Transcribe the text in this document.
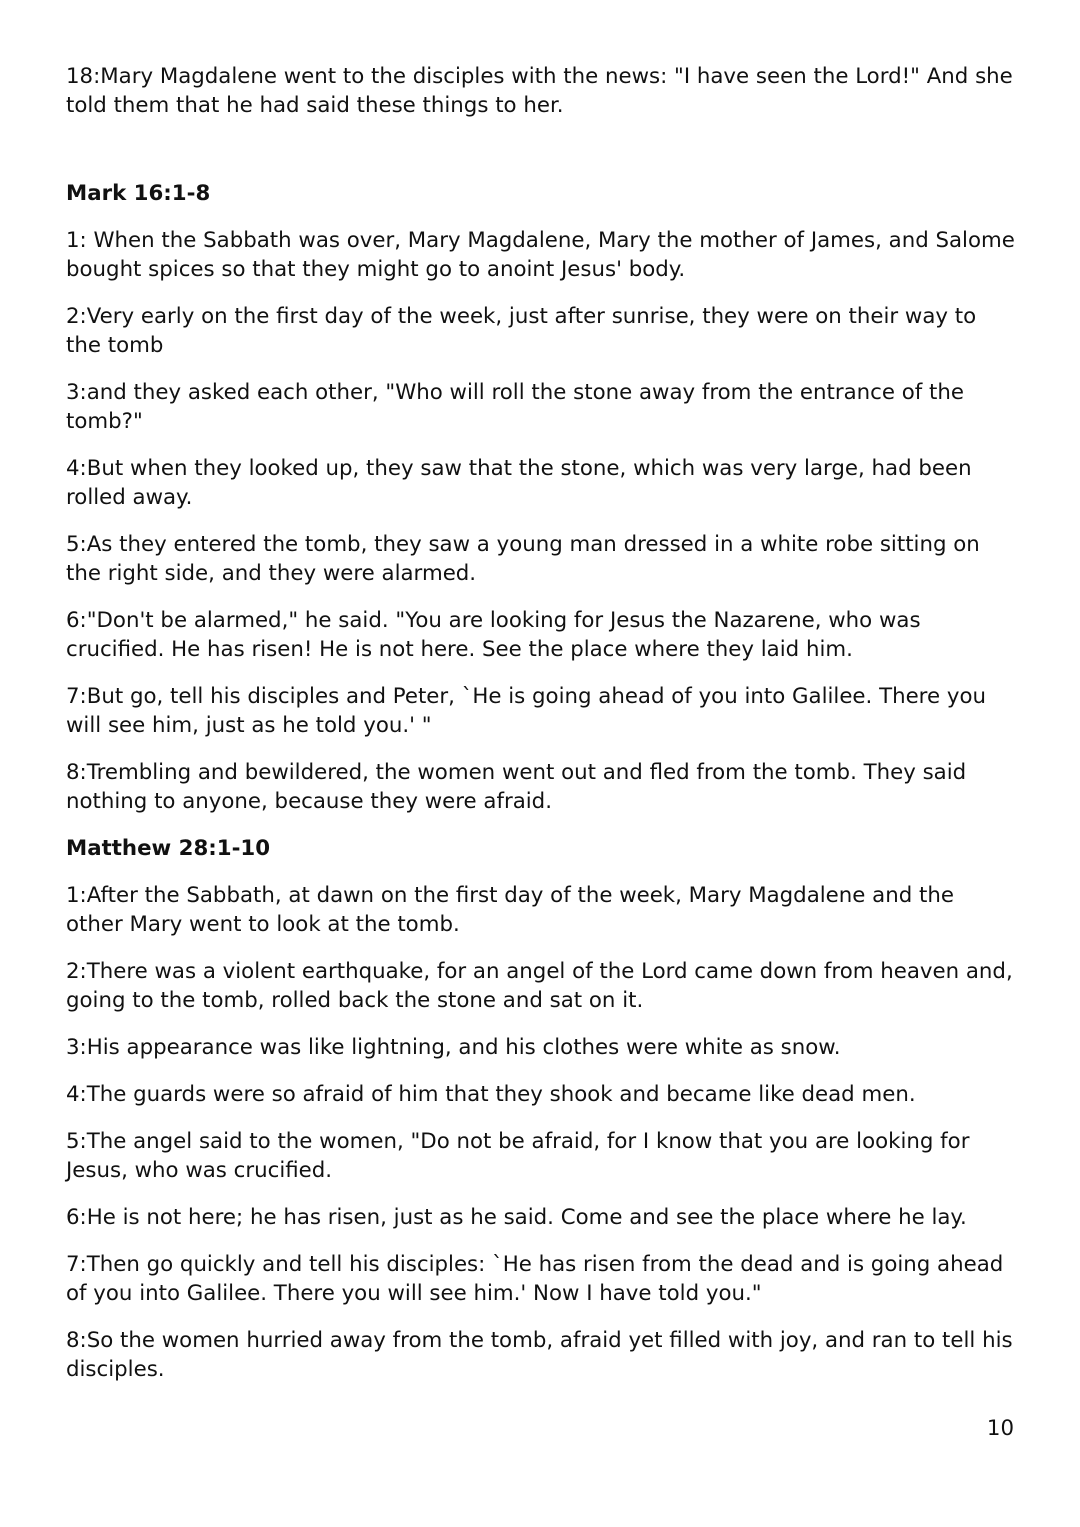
18:Mary Magdalene went to the disciples with the news: "I have seen the Lord!" And she told them that he had said these things to her.

Mark 16:1-8

1: When the Sabbath was over, Mary Magdalene, Mary the mother of James, and Salome bought spices so that they might go to anoint Jesus' body.

2:Very early on the first day of the week, just after sunrise, they were on their way to the tomb

3:and they asked each other, "Who will roll the stone away from the entrance of the tomb?"

4:But when they looked up, they saw that the stone, which was very large, had been rolled away.

5:As they entered the tomb, they saw a young man dressed in a white robe sitting on the right side, and they were alarmed.

6:"Don't be alarmed," he said. "You are looking for Jesus the Nazarene, who was crucified. He has risen! He is not here. See the place where they laid him.

7:But go, tell his disciples and Peter, `He is going ahead of you into Galilee. There you will see him, just as he told you.' "

8:Trembling and bewildered, the women went out and fled from the tomb. They said nothing to anyone, because they were afraid.

Matthew 28:1-10

1:After the Sabbath, at dawn on the first day of the week, Mary Magdalene and the other Mary went to look at the tomb.

2:There was a violent earthquake, for an angel of the Lord came down from heaven and, going to the tomb, rolled back the stone and sat on it.

3:His appearance was like lightning, and his clothes were white as snow.

4:The guards were so afraid of him that they shook and became like dead men.

5:The angel said to the women, "Do not be afraid, for I know that you are looking for Jesus, who was crucified.

6:He is not here; he has risen, just as he said. Come and see the place where he lay.

7:Then go quickly and tell his disciples: `He has risen from the dead and is going ahead of you into Galilee. There you will see him.' Now I have told you."

8:So the women hurried away from the tomb, afraid yet filled with joy, and ran to tell his disciples.

10
